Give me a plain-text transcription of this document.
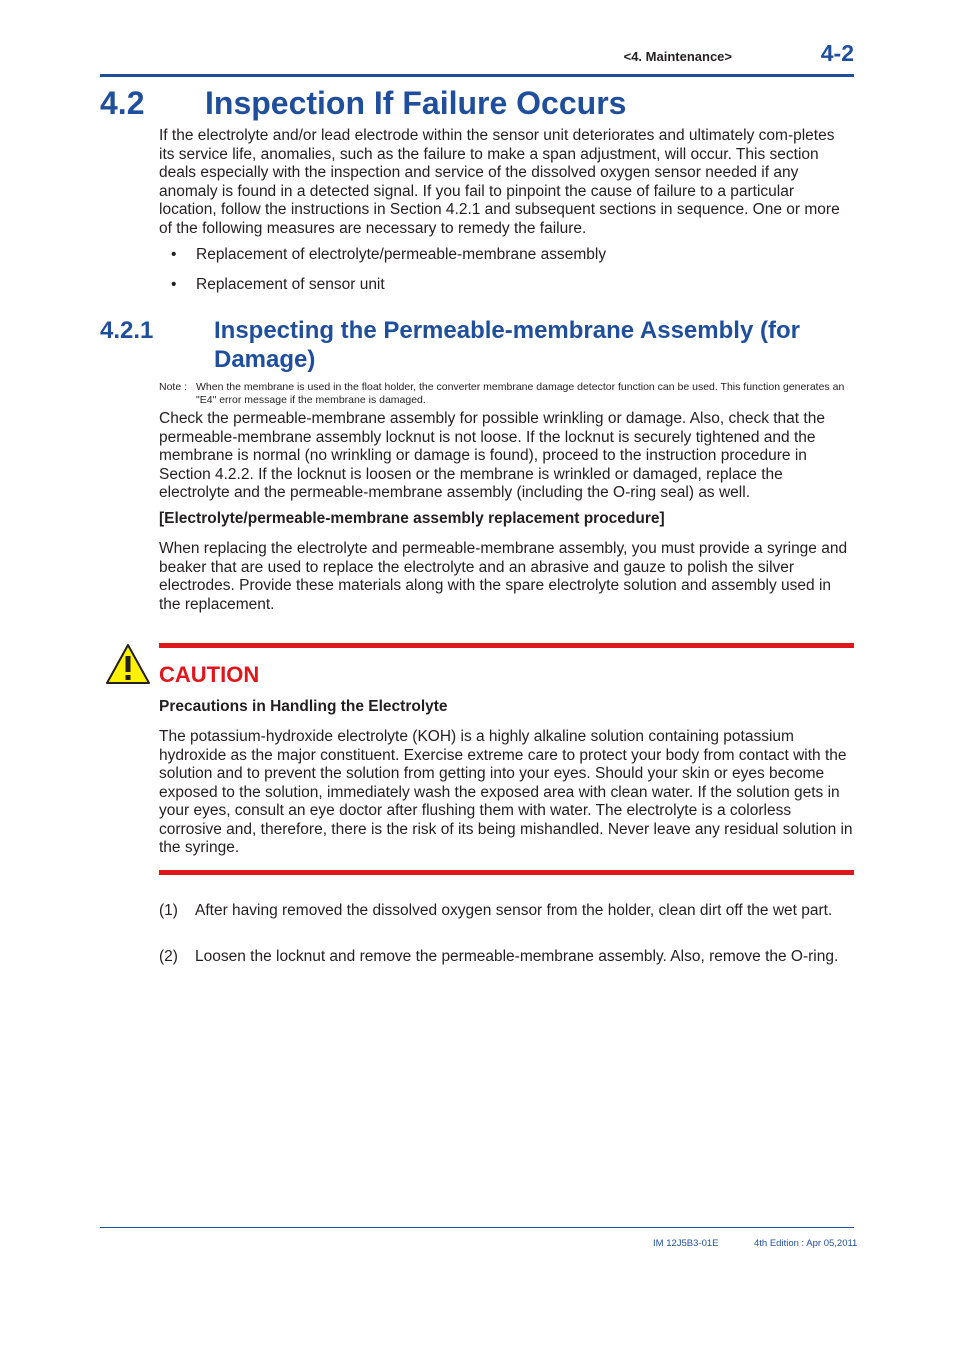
<4. Maintenance>	4-2
4.2 Inspection If Failure Occurs
If the electrolyte and/or lead electrode within the sensor unit deteriorates and ultimately com-pletes its service life, anomalies, such as the failure to make a span adjustment, will occur. This section deals especially with the inspection and service of the dissolved oxygen sensor needed if any anomaly is found in a detected signal. If you fail to pinpoint the cause of failure to a particular location, follow the instructions in Section 4.2.1 and subsequent sections in sequence. One or more of the following measures are necessary to remedy the failure.
• Replacement of electrolyte/permeable-membrane assembly
• Replacement of sensor unit
4.2.1	Inspecting the Permeable-membrane Assembly (for Damage)
Note : When the membrane is used in the float holder, the converter membrane damage detector function can be used. This function generates an "E4" error message if the membrane is damaged.
Check the permeable-membrane assembly for possible wrinkling or damage. Also, check that the permeable-membrane assembly locknut is not loose. If the locknut is securely tightened and the membrane is normal (no wrinkling or damage is found), proceed to the instruction procedure in Section 4.2.2. If the locknut is loosen or the membrane is wrinkled or damaged, replace the electrolyte and the permeable-membrane assembly (including the O-ring seal) as well.
[Electrolyte/permeable-membrane assembly replacement procedure]
When replacing the electrolyte and permeable-membrane assembly, you must provide a syringe and beaker that are used to replace the electrolyte and an abrasive and gauze to polish the silver electrodes. Provide these materials along with the spare electrolyte solution and assembly used in the replacement.
CAUTION
Precautions in Handling the Electrolyte
The potassium-hydroxide electrolyte (KOH) is a highly alkaline solution containing potassium hydroxide as the major constituent. Exercise extreme care to protect your body from contact with the solution and to prevent the solution from getting into your eyes. Should your skin or eyes become exposed to the solution, immediately wash the exposed area with clean water. If the solution gets in your eyes, consult an eye doctor after flushing them with water. The electrolyte is a colorless corrosive and, therefore, there is the risk of its being mishandled. Never leave any residual solution in the syringe.
(1) After having removed the dissolved oxygen sensor from the holder, clean dirt off the wet part.
(2) Loosen the locknut and remove the permeable-membrane assembly. Also, remove the O-ring.
IM 12J5B3-01E	4th Edition : Apr 05,2011
